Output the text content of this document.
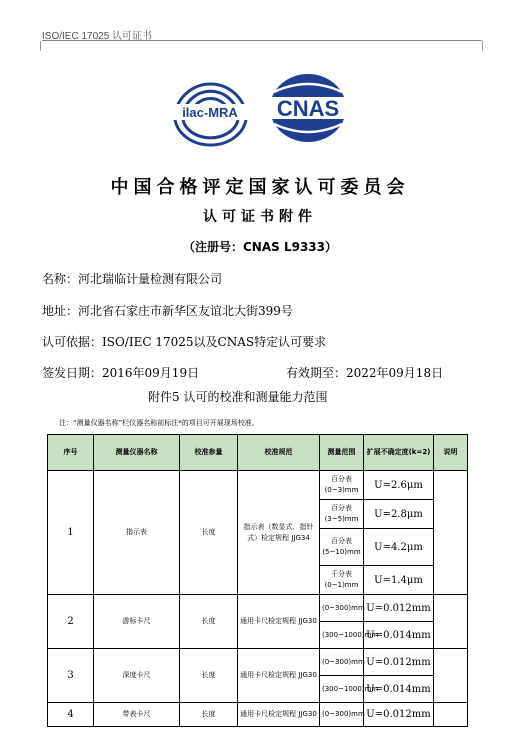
ISO/IEC 17025 认可证书
ilac-MRA CNAS
中国合格评定国家认可委员会
认可证书附件
（注册号：CNAS L9333）
名称：河北瑞临计量检测有限公司
地址：河北省石家庄市新华区友谊北大街399号
认可依据：ISO/IEC 17025以及CNAS特定认可要求
签发日期：2016年09月19日	有效期至：2022年09月18日
附件5 认可的校准和测量能力范围
注：“测量仪器名称”栏仪器名称前标注*的项目可开展现场校准。
序号	测量仪器名称	校准参量	校准规范	测量范围	扩展不确定度(k=2)	说明
1	指示表	长度	指示表（数显式、指针式）检定规程 JJG34	百分表 (0~3)mm	U=2.6μm	
				百分表 (3~5)mm	U=2.8μm	
				百分表 (5~10)mm	U=4.2μm	
				千分表 (0~1)mm	U=1.4μm	
2	游标卡尺	长度	通用卡尺检定规程 JJG30	(0~300)mm	U=0.012mm	
				(300~1000)mm	U=0.014mm	
3	深度卡尺	长度	通用卡尺检定规程 JJG30	(0~300)mm	U=0.012mm	
				(300~1000)mm	U=0.014mm	
4	带表卡尺	长度	通用卡尺检定规程 JJG30	(0~300)mm	U=0.012mm	
